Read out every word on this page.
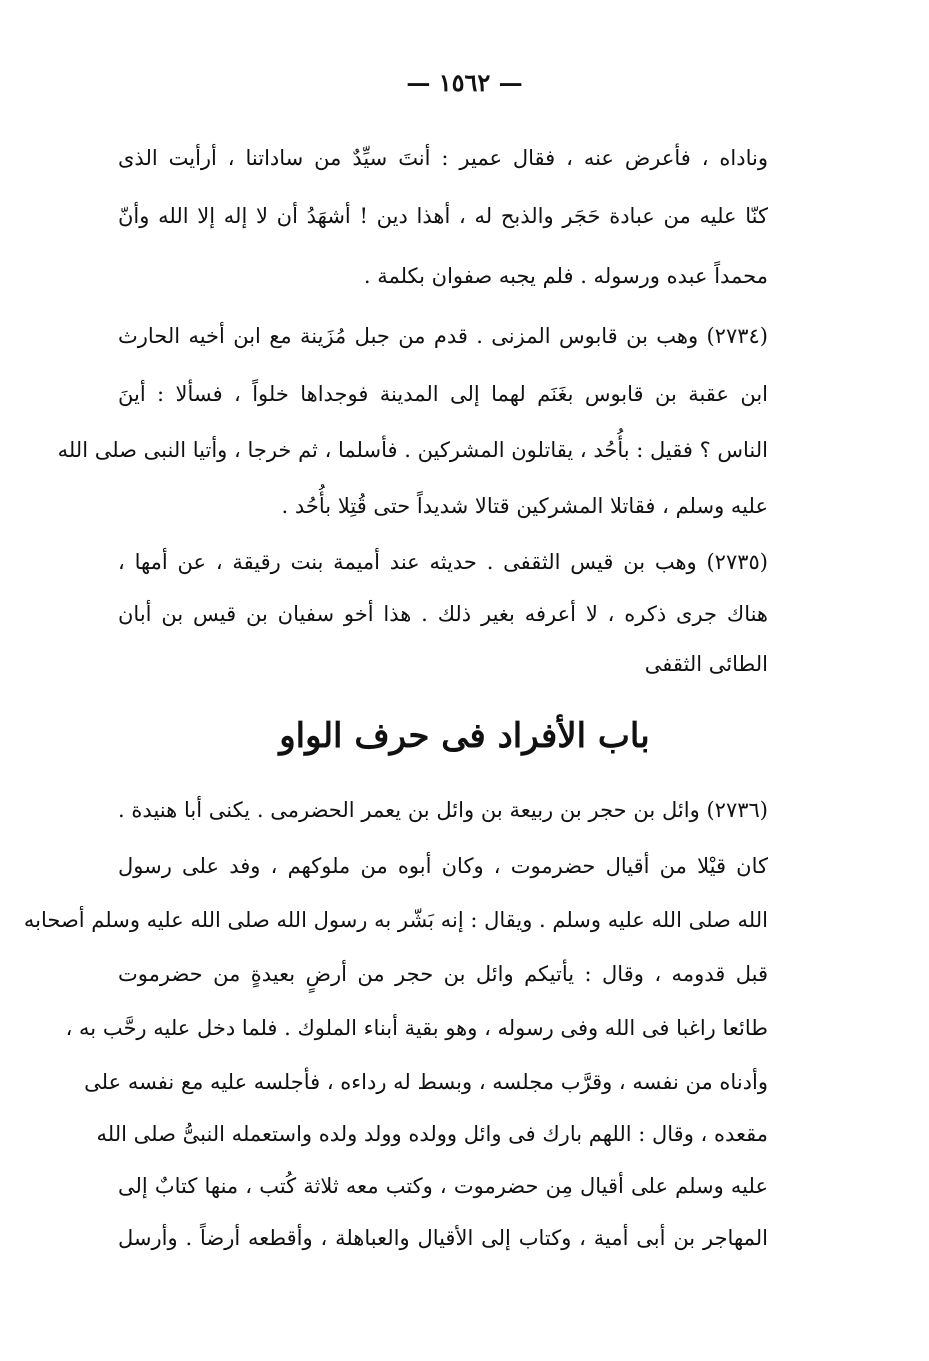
— ١٥٦٢ —
وناداه ، فأعرض عنه ، فقال عمير : أنتَ سيِّدٌ من ساداتنا ، أرأيت الذى
كنّا عليه من عبادة حَجَر والذبح له ، أهذا دين ! أشهَدُ أن لا إله إلا الله وأنّ
محمداً عبده ورسوله . فلم يجبه صفوان بكلمة .
(٢٧٣٤) وهب بن قابوس المزنى . قدم من جبل مُزَينة مع ابن أخيه الحارث
ابن عقبة بن قابوس بغَنَم لهما إلى المدينة فوجداها خلواً ، فسألا : أينَ
الناس ؟ فقيل : بأُحُد ، يقاتلون المشركين . فأسلما ، ثم خرجا ، وأتيا النبى صلى الله
عليه وسلم ، فقاتلا المشركين قتالا شديداً حتى قُتِلا بأُحُد .
(٢٧٣٥) وهب بن قيس الثقفى . حديثه عند أميمة بنت رقيقة ، عن أمها ،
هناك جرى ذكره ، لا أعرفه بغير ذلك . هذا أخو سفيان بن قيس بن أبان
الطائى الثقفى
باب الأفراد فى حرف الواو
(٢٧٣٦) وائل بن حجر بن ربيعة بن وائل بن يعمر الحضرمى . يكنى أبا هنيدة .
كان قيْلا من أقيال حضرموت ، وكان أبوه من ملوكهم ، وفد على رسول
الله صلى الله عليه وسلم . ويقال : إنه بَشّر به رسول الله صلى الله عليه وسلم أصحابه
قبل قدومه ، وقال : يأتيكم وائل بن حجر من أرضٍ بعيدةٍ من حضرموت
طائعا راغبا فى الله وفى رسوله ، وهو بقية أبناء الملوك . فلما دخل عليه رحَّب به ،
وأدناه من نفسه ، وقرَّب مجلسه ، وبسط له رداءه ، فأجلسه عليه مع نفسه على
مقعده ، وقال : اللهم بارك فى وائل وولده وولد ولده واستعمله النبىُّ صلى الله
عليه وسلم على أقيال مِن حضرموت ، وكتب معه ثلاثة كُتب ، منها كتابٌ إلى
المهاجر بن أبى أمية ، وكتاب إلى الأقيال والعباهلة ، وأقطعه أرضاً . وأرسل
